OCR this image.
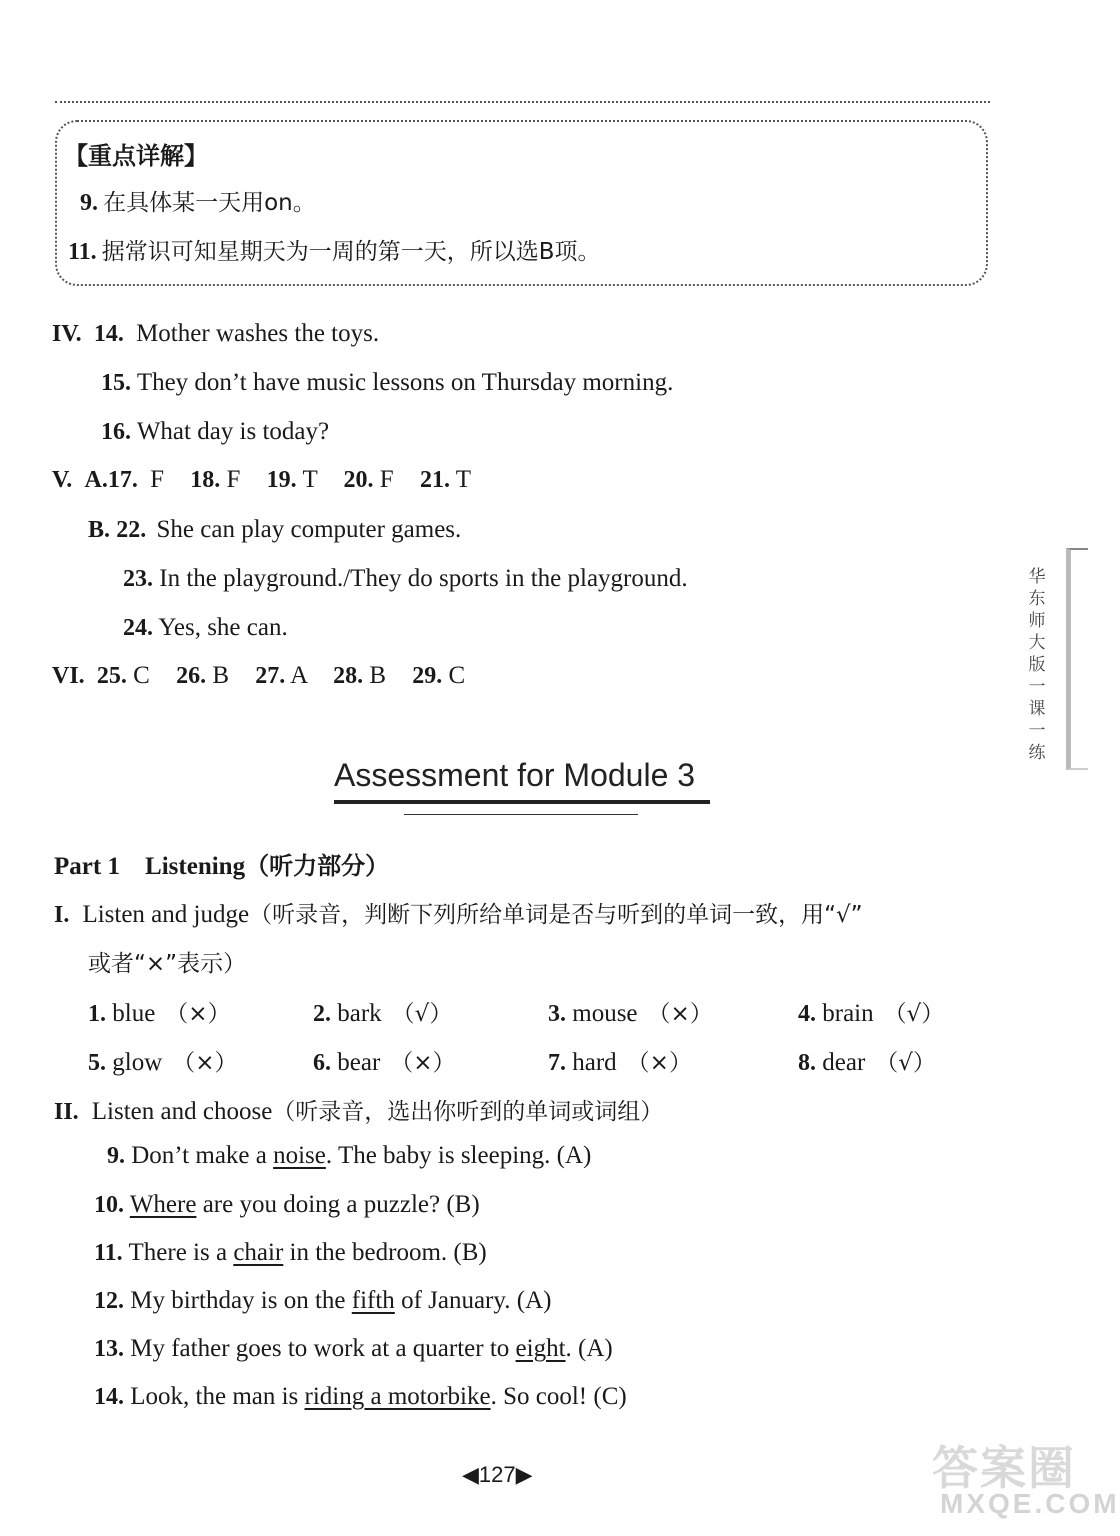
【重点详解】
9. 在具体某一天用on。
11. 据常识可知星期天为一周的第一天，所以选B项。
IV. 14. Mother washes the toys.
15. They don’t have music lessons on Thursday morning.
16. What day is today?
V. A.17. F 18. F 19. T 20. F 21. T
B. 22. She can play computer games.
23. In the playground./They do sports in the playground.
24. Yes, she can.
VI. 25. C 26. B 27. A 28. B 29. C
Assessment for Module 3
Part 1 Listening（听力部分）
I. Listen and judge（听录音，判断下列所给单词是否与听到的单词一致，用“√”
或者“×”表示）
1. blue （×）	2. bark （√）	3. mouse （×）	4. brain （√）
5. glow （×）	6. bear （×）	7. hard （×）	8. dear （√）
II. Listen and choose（听录音，选出你听到的单词或词组）
9. Don’t make a noise. The baby is sleeping. (A)
10. Where are you doing a puzzle? (B)
11. There is a chair in the bedroom. (B)
12. My birthday is on the fifth of January. (A)
13. My father goes to work at a quarter to eight. (A)
14. Look, the man is riding a motorbike. So cool! (C)
华东师大版一课一练
◀127▶	答案圈
MXQE.COM
